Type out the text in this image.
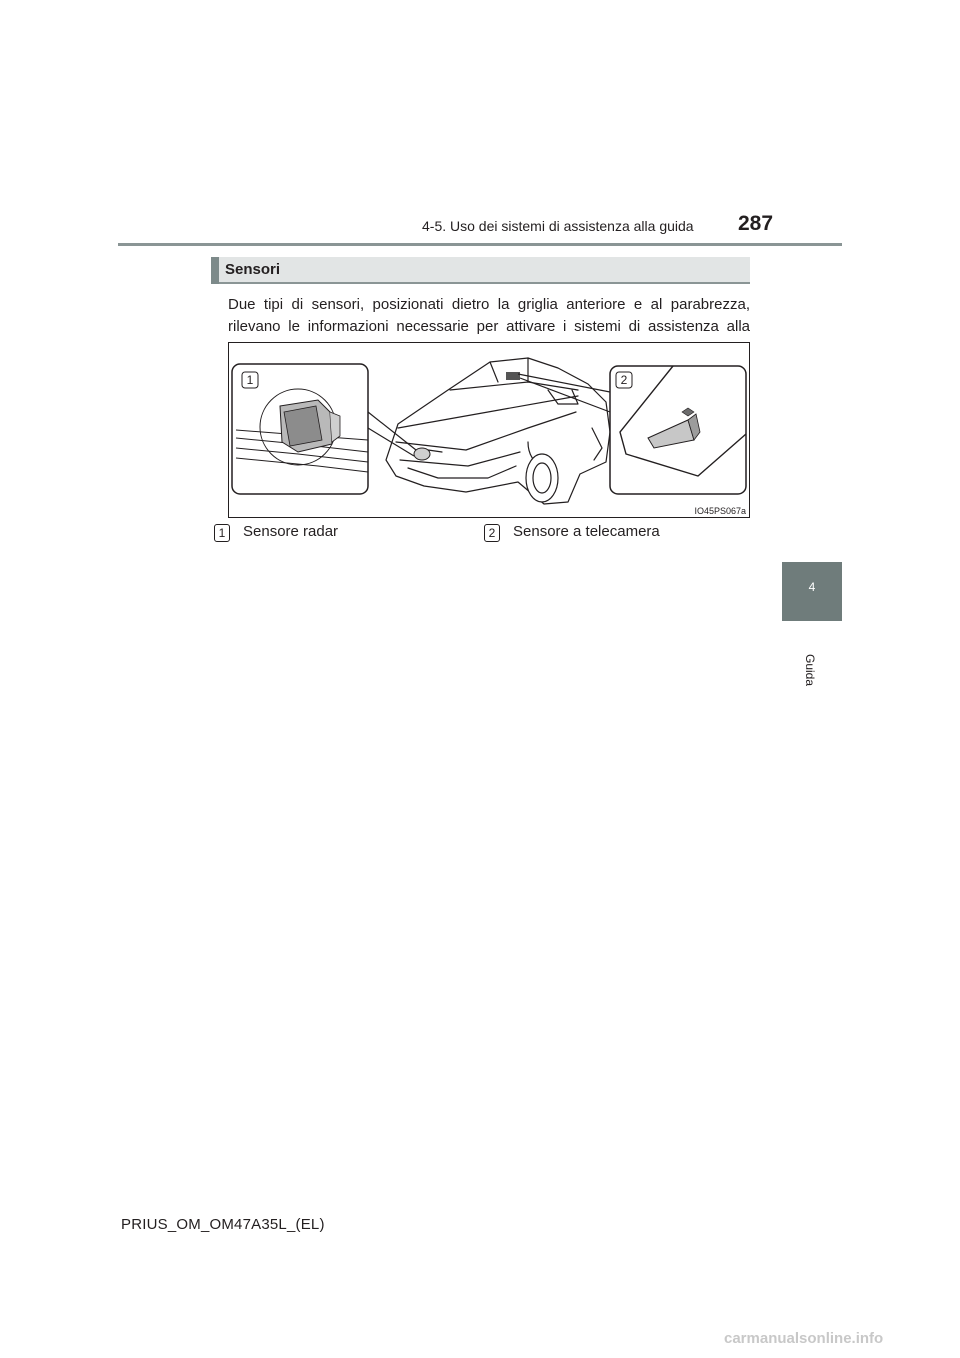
4-5. Uso dei sistemi di assistenza alla guida 287
4
Guida
Sensori
Due tipi di sensori, posizionati dietro la griglia anteriore e al parabrezza, rilevano le informazioni necessarie per attivare i sistemi di assistenza alla
1	2
IO45PS067a
1	Sensore radar	2	Sensore a telecamera
PRIUS_OM_OM47A35L_(EL)
carmanualsonline.info
